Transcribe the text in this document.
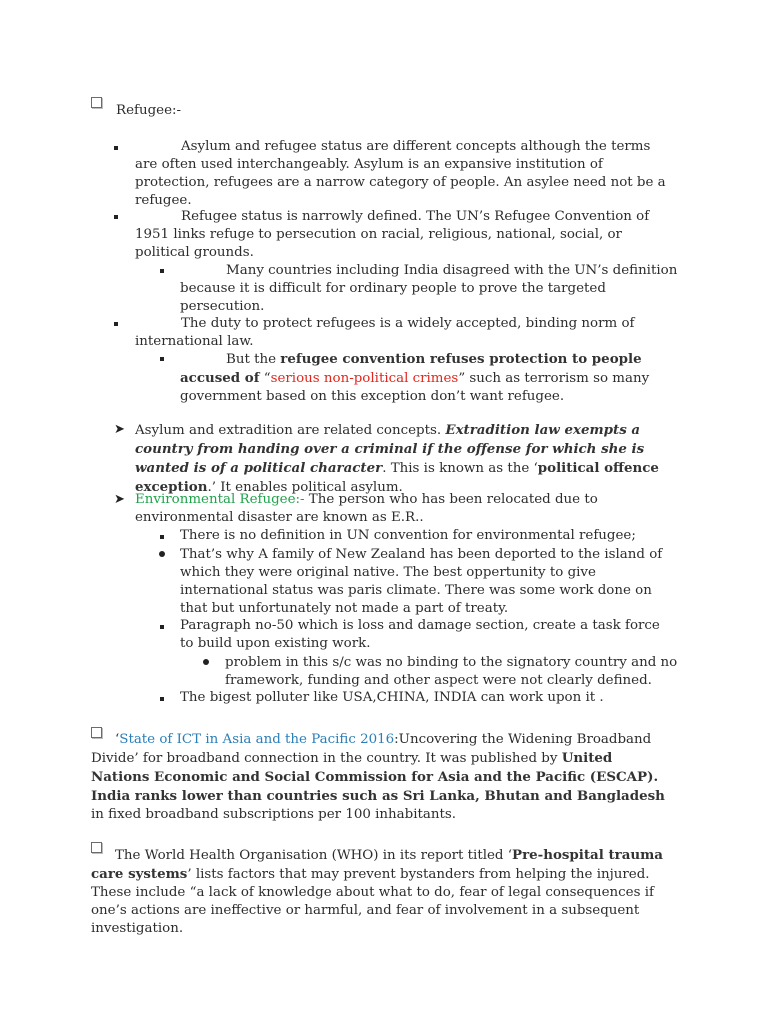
Refugee:-

Asylum and refugee status are different concepts although the terms are often used interchangeably. Asylum is an expansive institution of protection, refugees are a narrow category of people. An asylee need not be a refugee.

Refugee status is narrowly defined. The UN’s Refugee Convention of 1951 links refuge to persecution on racial, religious, national, social, or political grounds.

Many countries including India disagreed with the UN’s definition because it is difficult for ordinary people to prove the targeted persecution.

The duty to protect refugees is a widely accepted, binding norm of international law.

But the refugee convention refuses protection to people accused of “serious non-political crimes” such as terrorism so many government based on this exception don’t want refugee.

➤ Asylum and extradition are related concepts. Extradition law exempts a country from handing over a criminal if the offense for which she is wanted is of a political character. This is known as the ‘political offence exception.’ It enables political asylum.

➤ Environmental Refugee:- The person who has been relocated due to environmental disaster are known as E.R..

There is no definition in UN convention for environmental refugee;

That’s why A family of New Zealand has been deported to the island of which they were original native. The best oppertunity to give international status was paris climate. There was some work done on that but unfortunately not made a part of treaty.

Paragraph no-50 which is loss and damage section, create a task force to build upon existing work.

problem in this s/c was no binding to the signatory country and no framework, funding and other aspect were not clearly defined.

The bigest polluter like USA,CHINA, INDIA can work upon it .

‘State of ICT in Asia and the Pacific 2016:Uncovering the Widening Broadband Divide’ for broadband connection in the country. It was published by United Nations Economic and Social Commission for Asia and the Pacific (ESCAP). India ranks lower than countries such as Sri Lanka, Bhutan and Bangladesh in fixed broadband subscriptions per 100 inhabitants.

The World Health Organisation (WHO) in its report titled ‘Pre-hospital trauma care systems’ lists factors that may prevent bystanders from helping the injured. These include “a lack of knowledge about what to do, fear of legal consequences if one’s actions are ineffective or harmful, and fear of involvement in a subsequent investigation.
